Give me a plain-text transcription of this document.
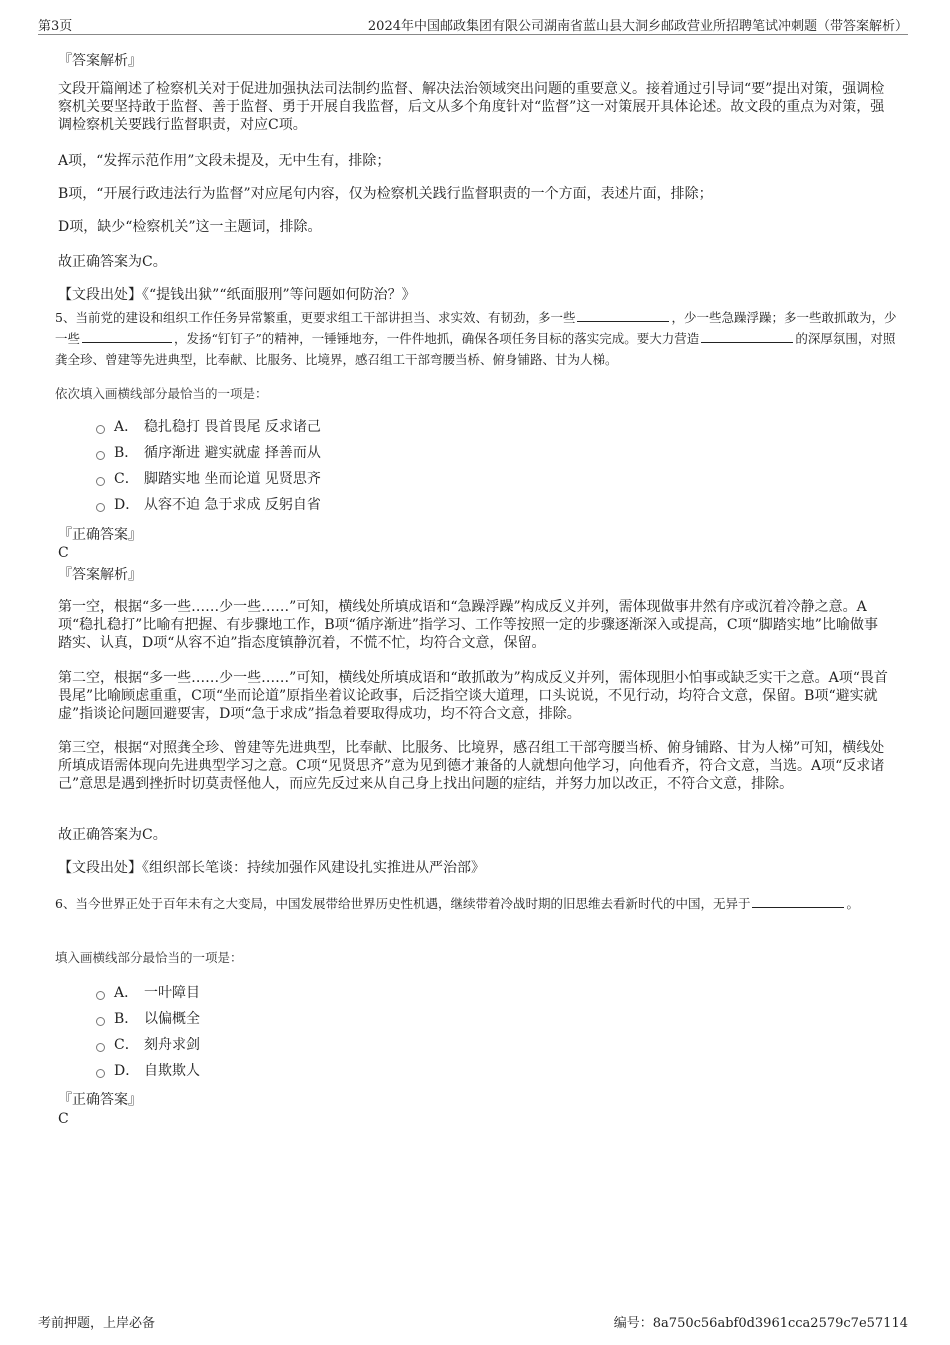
第3页	2024年中国邮政集团有限公司湖南省蓝山县大洞乡邮政营业所招聘笔试冲刺题（带答案解析）
『答案解析』

文段开篇阐述了检察机关对于促进加强执法司法制约监督、解决法治领域突出问题的重要意义。接着通过引导词“要”提出对策，强调检察机关要坚持敢于监督、善于监督、勇于开展自我监督，后文从多个角度针对“监督”这一对策展开具体论述。故文段的重点为对策，强调检察机关要践行监督职责，对应C项。

A项，“发挥示范作用”文段未提及，无中生有，排除；

B项，“开展行政违法行为监督”对应尾句内容，仅为检察机关践行监督职责的一个方面，表述片面，排除；

D项，缺少“检察机关”这一主题词，排除。

故正确答案为C。

【文段出处】《“提钱出狱”“纸面服刑”等问题如何防治？》

5、当前党的建设和组织工作任务异常繁重，更要求组工干部讲担当、求实效、有韧劲，多一些	，少一些急躁浮躁；多一些敢抓敢为，少一些	，发扬“钉钉子”的精神，一锤锤地夯，一件件地抓，确保各项任务目标的落实完成。要大力营造	的深厚氛围，对照龚全珍、曾建等先进典型，比奉献、比服务、比境界，感召组工干部弯腰当桥、俯身铺路、甘为人梯。

依次填入画横线部分最恰当的一项是：
A． 稳扎稳打 畏首畏尾 反求诸己
B． 循序渐进 避实就虚 择善而从
C． 脚踏实地 坐而论道 见贤思齐
D． 从容不迫 急于求成 反躬自省
『正确答案』
C
『答案解析』

第一空，根据“多一些……少一些……”可知，横线处所填成语和“急躁浮躁”构成反义并列，需体现做事井然有序或沉着冷静之意。A项“稳扎稳打”比喻有把握、有步骤地工作，B项“循序渐进”指学习、工作等按照一定的步骤逐渐深入或提高，C项“脚踏实地”比喻做事踏实、认真，D项“从容不迫”指态度镇静沉着，不慌不忙，均符合文意，保留。

第二空，根据“多一些……少一些……”可知，横线处所填成语和“敢抓敢为”构成反义并列，需体现胆小怕事或缺乏实干之意。A项“畏首畏尾”比喻顾虑重重，C项“坐而论道”原指坐着议论政事，后泛指空谈大道理，口头说说，不见行动，均符合文意，保留。B项“避实就虚”指谈论问题回避要害，D项“急于求成”指急着要取得成功，均不符合文意，排除。

第三空，根据“对照龚全珍、曾建等先进典型，比奉献、比服务、比境界，感召组工干部弯腰当桥、俯身铺路、甘为人梯”可知，横线处所填成语需体现向先进典型学习之意。C项“见贤思齐”意为见到德才兼备的人就想向他学习，向他看齐，符合文意，当选。A项“反求诸己”意思是遇到挫折时切莫责怪他人，而应先反过来从自己身上找出问题的症结，并努力加以改正，不符合文意，排除。

故正确答案为C。

【文段出处】《组织部长笔谈：持续加强作风建设扎实推进从严治部》

6、当今世界正处于百年未有之大变局，中国发展带给世界历史性机遇，继续带着冷战时期的旧思维去看新时代的中国，无异于	。

填入画横线部分最恰当的一项是：
A． 一叶障目
B． 以偏概全
C． 刻舟求剑
D． 自欺欺人
『正确答案』
C
考前押题，上岸必备	编号：8a750c56abf0d3961cca2579c7e57114
